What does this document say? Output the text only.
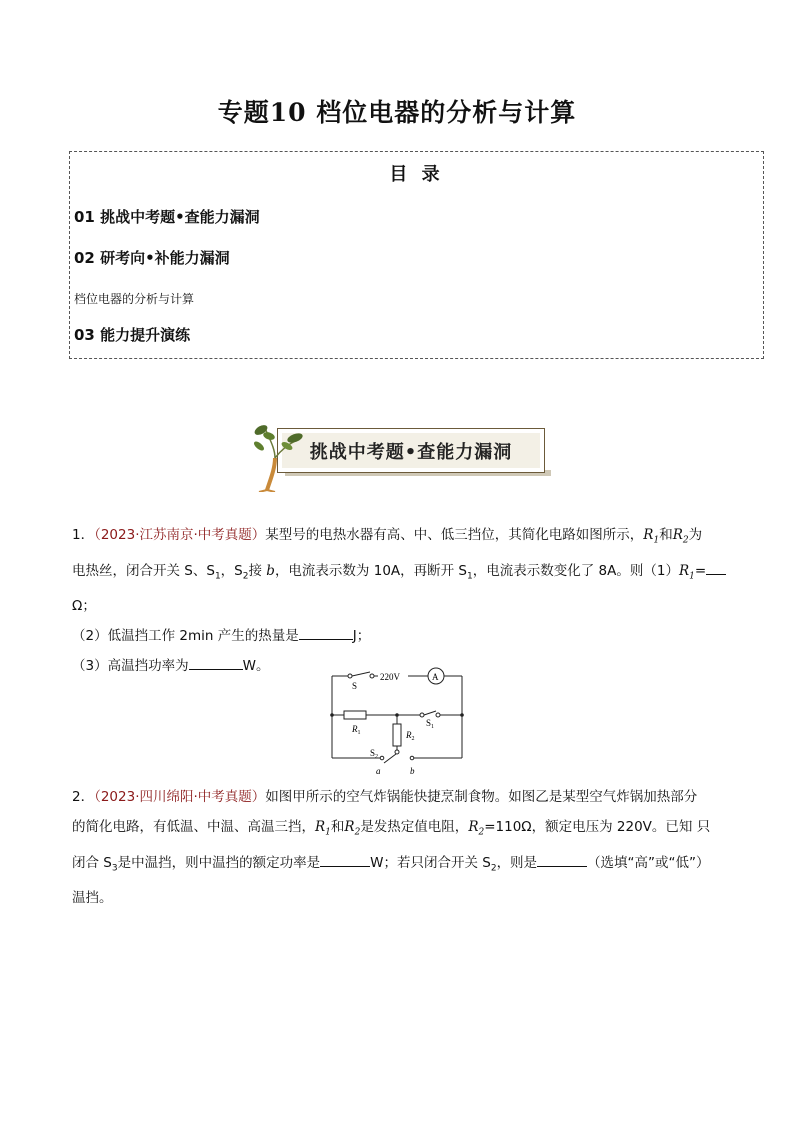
专题10 档位电器的分析与计算
目 录
01 挑战中考题•查能力漏洞
02 研考向•补能力漏洞
档位电器的分析与计算
03 能力提升演练
挑战中考题•查能力漏洞
1．（2023·江苏南京·中考真题）某型号的电热水器有高、中、低三挡位，其简化电路如图所示，$R_1$和$R_2$为
电热丝，闭合开关 S、$S_1$，$S_2$接 b，电流表示数为 10A，再断开 $S_1$，电流表示数变化了 8A。则$(1)R_1=$
Ω；
（2）低温挡工作 2min 产生的热量是	J；
（3）高温挡功率为	W。
S
220V	A
$R_1$
$S_1$
$R_2$
$S_2$
a	b
2．（2023·四川绵阳·中考真题）如图甲所示的空气炸锅能快捷烹制食物。如图乙是某型空气炸锅加热部分
的简化电路，有低温、中温、高温三挡，$R_1$和$R_2$是发热定值电阻，$R_2=110\Omega$，额定电压为 220V。已知 只
闭合 $S_3$是中温挡，则中温挡的额定功率是	W；若只闭合开关 $S_2$，则是	（选填“高”或“低”）
温挡。
